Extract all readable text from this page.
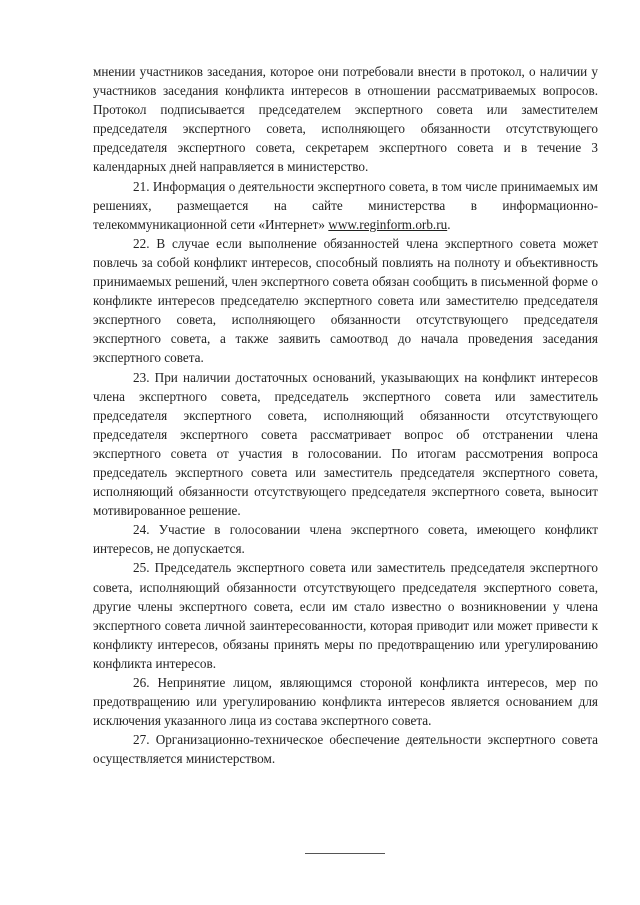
мнении участников заседания, которое они потребовали внести в протокол, о наличии у участников заседания конфликта интересов в отношении рассматриваемых вопросов. Протокол подписывается председателем экспертного совета или заместителем председателя экспертного совета, исполняющего обязанности отсутствующего председателя экспертного совета, секретарем экспертного совета и в течение 3 календарных дней направляется в министерство.

21. Информация о деятельности экспертного совета, в том числе принимаемых им решениях, размещается на сайте министерства в информационно-телекоммуникационной сети «Интернет» www.reginform.orb.ru.

22. В случае если выполнение обязанностей члена экспертного совета может повлечь за собой конфликт интересов, способный повлиять на полноту и объективность принимаемых решений, член экспертного совета обязан сообщить в письменной форме о конфликте интересов председателю экспертного совета или заместителю председателя экспертного совета, исполняющего обязанности отсутствующего председателя экспертного совета, а также заявить самоотвод до начала проведения заседания экспертного совета.

23. При наличии достаточных оснований, указывающих на конфликт интересов члена экспертного совета, председатель экспертного совета или заместитель председателя экспертного совета, исполняющий обязанности отсутствующего председателя экспертного совета рассматривает вопрос об отстранении члена экспертного совета от участия в голосовании. По итогам рассмотрения вопроса председатель экспертного совета или заместитель председателя экспертного совета, исполняющий обязанности отсутствующего председателя экспертного совета, выносит мотивированное решение.

24. Участие в голосовании члена экспертного совета, имеющего конфликт интересов, не допускается.

25. Председатель экспертного совета или заместитель председателя экспертного совета, исполняющий обязанности отсутствующего председателя экспертного совета, другие члены экспертного совета, если им стало известно о возникновении у члена экспертного совета личной заинтересованности, которая приводит или может привести к конфликту интересов, обязаны принять меры по предотвращению или урегулированию конфликта интересов.

26. Непринятие лицом, являющимся стороной конфликта интересов, мер по предотвращению или урегулированию конфликта интересов является основанием для исключения указанного лица из состава экспертного совета.

27. Организационно-техническое обеспечение деятельности экспертного совета осуществляется министерством.
